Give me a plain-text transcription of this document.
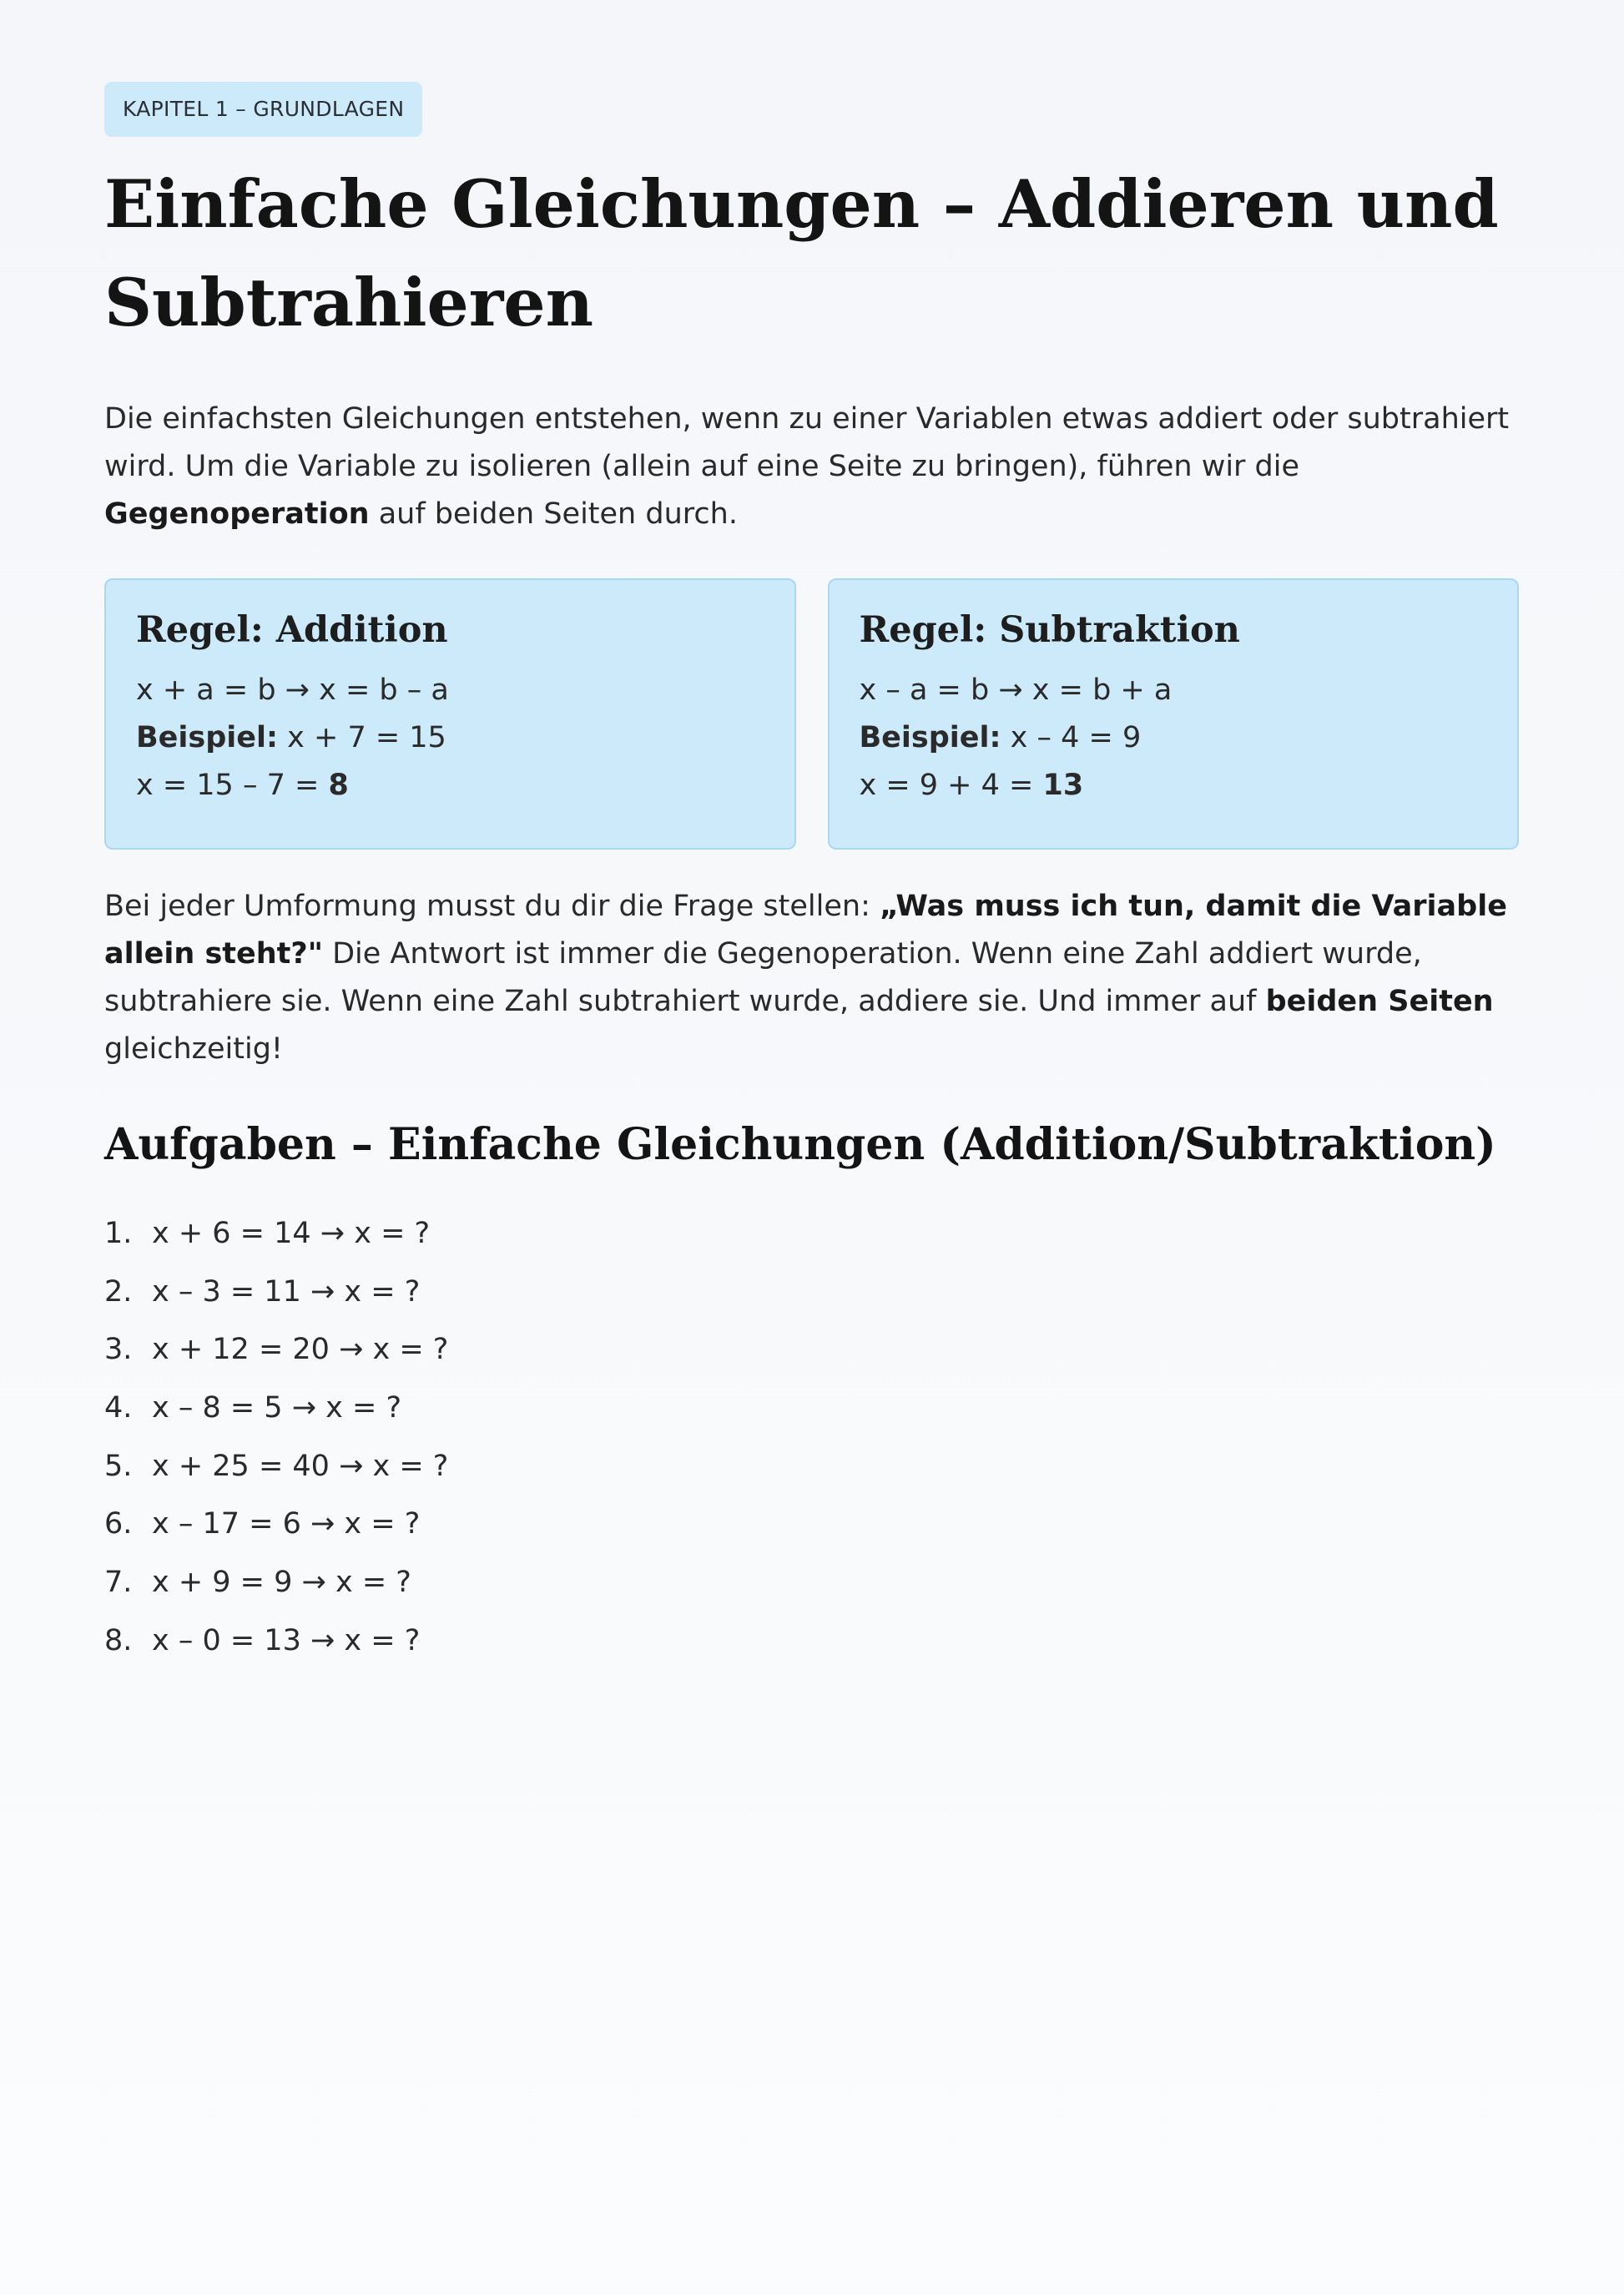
KAPITEL 1 – GRUNDLAGEN
Einfache Gleichungen – Addieren und Subtrahieren

Die einfachsten Gleichungen entstehen, wenn zu einer Variablen etwas addiert oder subtrahiert wird. Um die Variable zu isolieren (allein auf eine Seite zu bringen), führen wir die Gegenoperation auf beiden Seiten durch.

Regel: Addition
x + a = b → x = b – a
Beispiel: x + 7 = 15
x = 15 – 7 = 8
Regel: Subtraktion
x – a = b → x = b + a
Beispiel: x – 4 = 9
x = 9 + 4 = 13

Bei jeder Umformung musst du dir die Frage stellen: „Was muss ich tun, damit die Variable allein steht?" Die Antwort ist immer die Gegenoperation. Wenn eine Zahl addiert wurde, subtrahiere sie. Wenn eine Zahl subtrahiert wurde, addiere sie. Und immer auf beiden Seiten gleichzeitig!

Aufgaben – Einfache Gleichungen (Addition/Subtraktion)
1. x + 6 = 14 → x = ?
2. x – 3 = 11 → x = ?
3. x + 12 = 20 → x = ?
4. x – 8 = 5 → x = ?
5. x + 25 = 40 → x = ?
6. x – 17 = 6 → x = ?
7. x + 9 = 9 → x = ?
8. x – 0 = 13 → x = ?
